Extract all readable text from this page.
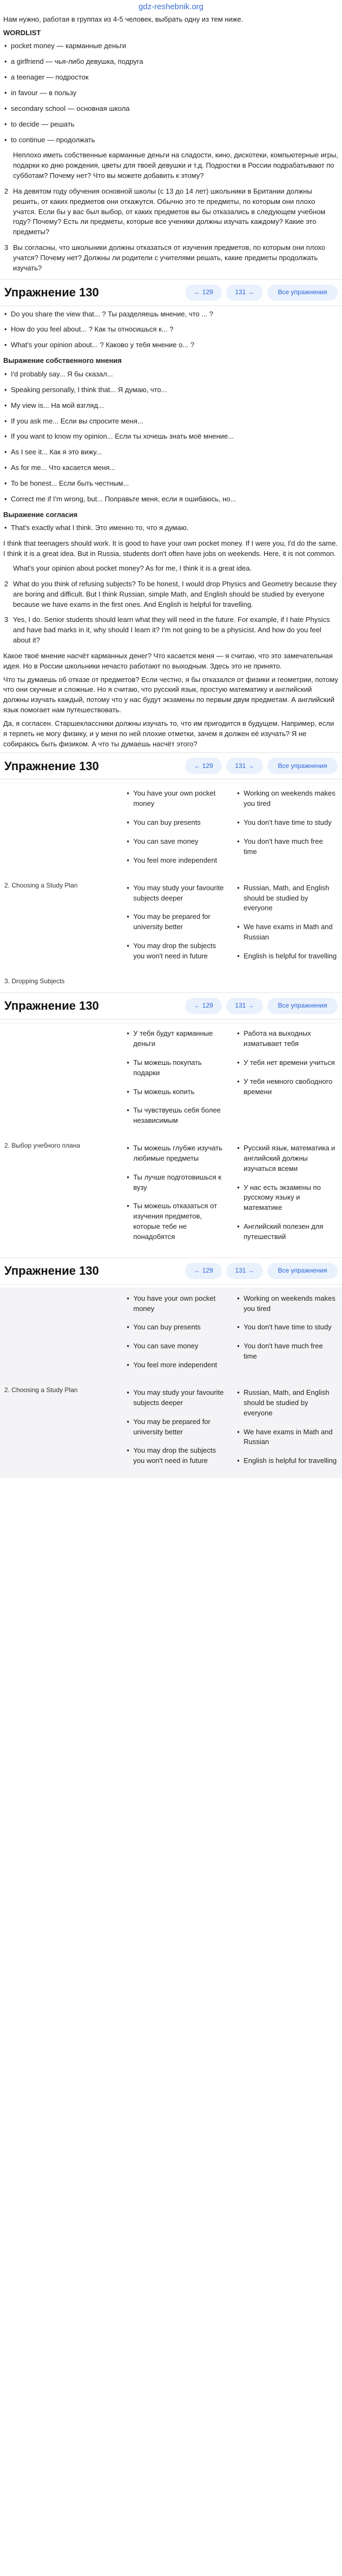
gdz-reshebnik.org

Нам нужно, работая в группах из 4-5 человек, выбрать одну из тем ниже.

WORDLIST
• pocket money — карманные деньги
• a girlfriend — чья-либо девушка, подруга
• a teenager — подросток
• in favour — в пользу
• secondary school — основная школа
• to decide — решать
• to continue — продолжать
Неплохо иметь собственные карманные деньги на сладости, кино, дискотеки, компьютерные игры, подарки ко дню рождения, цветы для твоей девушки и т.д. Подростки в России подрабатывают по субботам? Почему нет? Что вы можете добавить к этому?
2 На девятом году обучения основной школы (с 13 до 14 лет) школьники в Британии должны решить, от каких предметов они откажутся. Обычно это те предметы, по которым они плохо учатся. Если бы у вас был выбор, от каких предметов вы бы отказались в следующем учебном году? Почему? Есть ли предметы, которые все ученики должны изучать каждому? Какие это предметы?
3 Вы согласны, что школьники должны отказаться от изучения предметов, по которым они плохо учатся? Почему нет? Должны ли родители с учителями решать, какие предметы продолжать изучать?
Упражнение 130	← 129	131 →	Все упражнения
• Do you share the view that... ? Ты разделяешь мнение, что ... ?
• How do you feel about... ? Как ты относишься к... ?
• What's your opinion about... ? Каково у тебя мнение о... ?
Выражение собственного мнения
• I'd probably say... Я бы сказал...
• Speaking personally, I think that... Я думаю, что...
• My view is... На мой взгляд...
• If you ask me... Если вы спросите меня...
• If you want to know my opinion... Если ты хочешь знать моё мнение...
• As I see it... Как я это вижу...
• As for me... Что касается меня...
• To be honest... Если быть честным...
• Correct me if I'm wrong, but... Поправьте меня, если я ошибаюсь, но...
Выражение согласия
• That's exactly what I think. Это именно то, что я думаю.

I think that teenagers should work. It is good to have your own pocket money. If I were you, I'd do the same. I think it is a great idea. But in Russia, students don't often have jobs on weekends. Here, it is not common.

What's your opinion about pocket money? As for me, I think it is a great idea.
2 What do you think of refusing subjects? To be honest, I would drop Physics and Geometry because they are boring and difficult. But I think Russian, simple Math, and English should be studied by everyone because we have exams in the first ones. And English is helpful for travelling.
3 Yes, I do. Senior students should learn what they will need in the future. For example, if I hate Physics and have bad marks in it, why should I learn it? I'm not going to be a physicist. And how do you feel about it?

Какое твоё мнение насчёт карманных денег? Что касается меня — я считаю, что это замечательная идея. Но в России школьники нечасто работают по выходным. Здесь это не принято.

Что ты думаешь об отказе от предметов? Если честно, я бы отказался от физики и геометрии, потому что они скучные и сложные. Но я считаю, что русский язык, простую математику и английский должны изучать каждый, потому что у нас будут экзамены по первым двум предметам. А английский язык помогает нам путешествовать.

Да, я согласен. Старшеклассники должны изучать то, что им пригодится в будущем. Например, если я терпеть не могу физику, и у меня по ней плохие отметки, зачем я должен её изучать? Я не собираюсь быть физиком. А что ты думаешь насчёт этого?

Упражнение 130	← 129	131 →	Все упражнения
• You have your own pocket money
• You can buy presents
• You can save money
• You feel more independent
• Working on weekends makes you tired
• You don't have time to study
• You don't have much free time
2. Choosing a Study Plan	• You may study your favourite subjects deeper
• You may be prepared for university better
• You may drop the subjects you won't need in future
• Russian, Math, and English should be studied by everyone
• We have exams in Math and Russian
• English is helpful for travelling
3. Dropping Subjects
Упражнение 130	← 129	131 →	Все упражнения
• У тебя будут карманные деньги
• Ты можешь покупать подарки
• Ты можешь копить
• Ты чувствуешь себя более независимым
• Работа на выходных изматывает тебя
• У тебя нет времени учиться
• У тебя немного свободного времени
2. Выбор учебного плана	• Ты можешь глубже изучать любимые предметы
• Ты лучше подготовишься к вузу
• Ты можешь отказаться от изучения предметов, которые тебе не понадобятся
• Русский язык, математика и английский должны изучаться всеми
• У нас есть экзамены по русскому языку и математике
• Английский полезен для путешествий
Упражнение 130	← 129	131 →	Все упражнения
• You have your own pocket money
• You can buy presents
• You can save money
• You feel more independent
• Working on weekends makes you tired
• You don't have time to study
• You don't have much free time
2. Choosing a Study Plan	• You may study your favourite subjects deeper
• You may be prepared for university better
• You may drop the subjects you won't need in future
• Russian, Math, and English should be studied by everyone
• We have exams in Math and Russian
• English is helpful for travelling
